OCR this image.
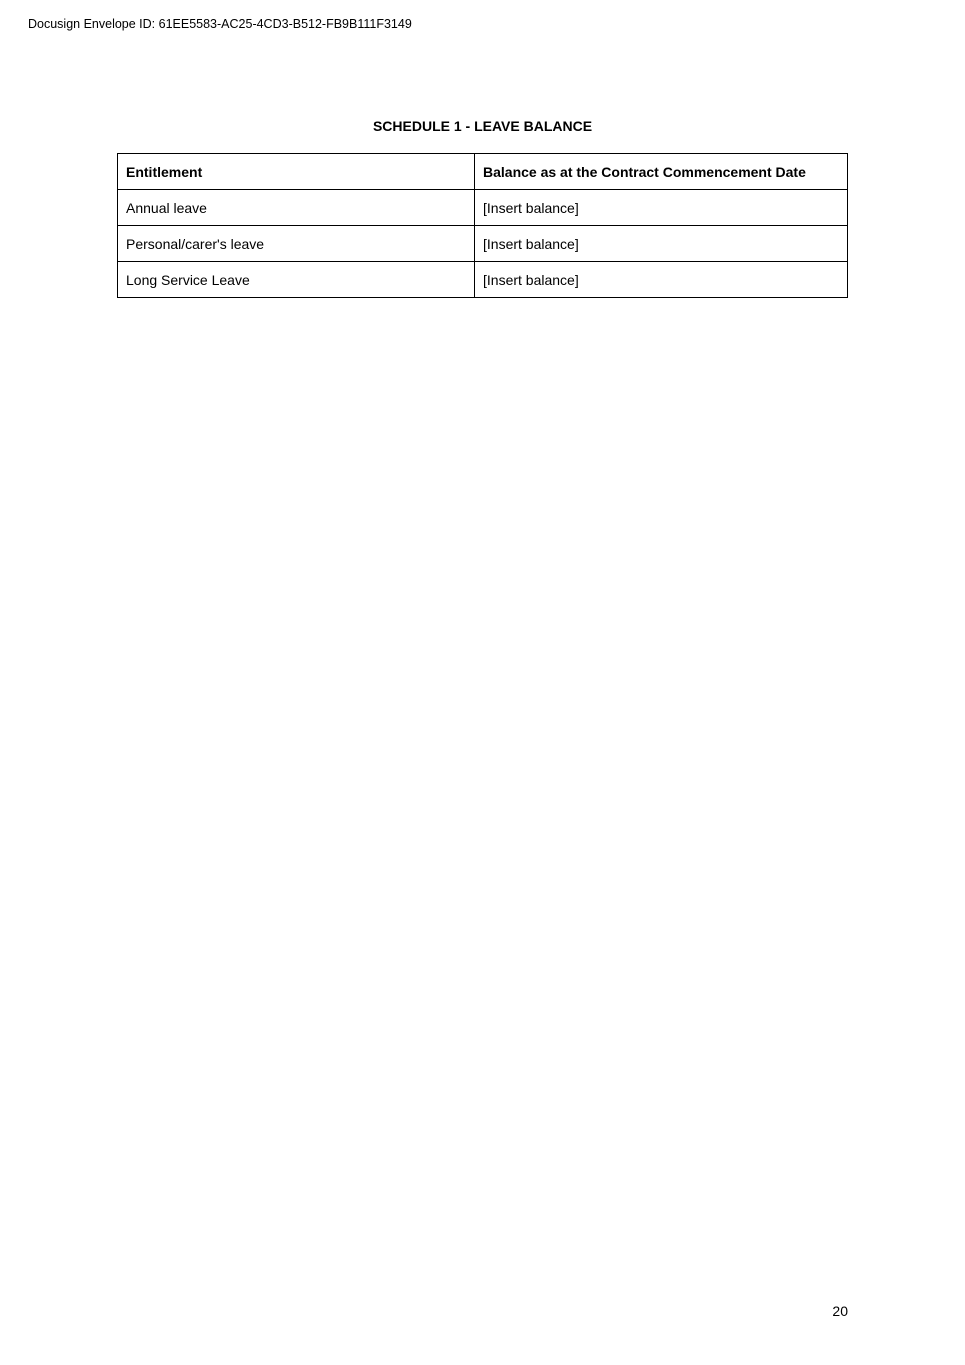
Docusign Envelope ID: 61EE5583-AC25-4CD3-B512-FB9B111F3149
SCHEDULE 1 - LEAVE BALANCE
Entitlement	Balance as at the Contract Commencement Date
Annual leave	[Insert balance]
Personal/carer's leave	[Insert balance]
Long Service Leave	[Insert balance]
20
